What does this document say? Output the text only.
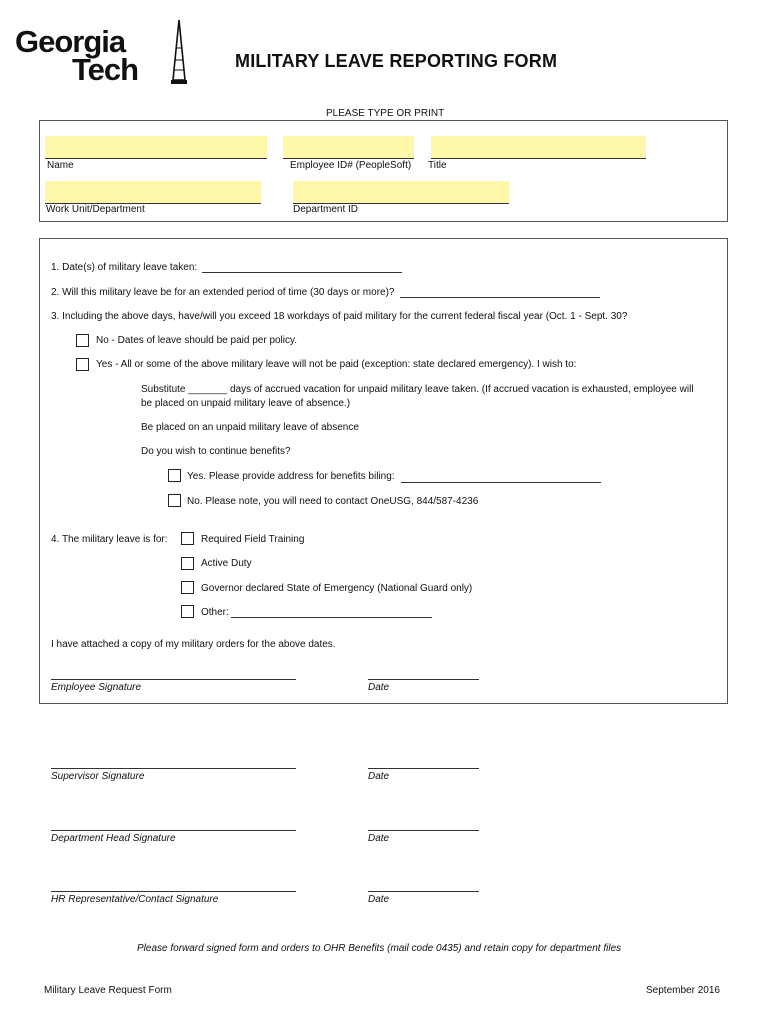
Georgia
Tech	MILITARY LEAVE REPORTING FORM
PLEASE TYPE OR PRINT
Name	Employee ID# (PeopleSoft) Title
Work Unit/Department	Department ID
1. Date(s) of military leave taken:
2. Will this military leave be for an extended period of time (30 days or more)?
3. Including the above days, have/will you exceed 18 workdays of paid military for the current federal fiscal year (Oct. 1 - Sept. 30?
No - Dates of leave should be paid per policy.
Yes - All or some of the above military leave will not be paid (exception: state declared emergency). I wish to:
Substitute _______ days of accrued vacation for unpaid military leave taken. (If accrued vacation is exhausted, employee will
be placed on unpaid military leave of absence.)
Be placed on an unpaid military leave of absence
Do you wish to continue benefits?
Yes. Please provide address for benefits biling:
No. Please note, you will need to contact OneUSG, 844/587-4236
4. The military leave is for:	Required Field Training
Active Duty
Governor declared State of Emergency (National Guard only)
Other:
I have attached a copy of my military orders for the above dates.
Employee Signature	Date
Supervisor Signature	Date
Department Head Signature	Date
HR Representative/Contact Signature	Date
Please forward signed form and orders to OHR Benefits (mail code 0435) and retain copy for department files
Military Leave Request Form	September 2016
